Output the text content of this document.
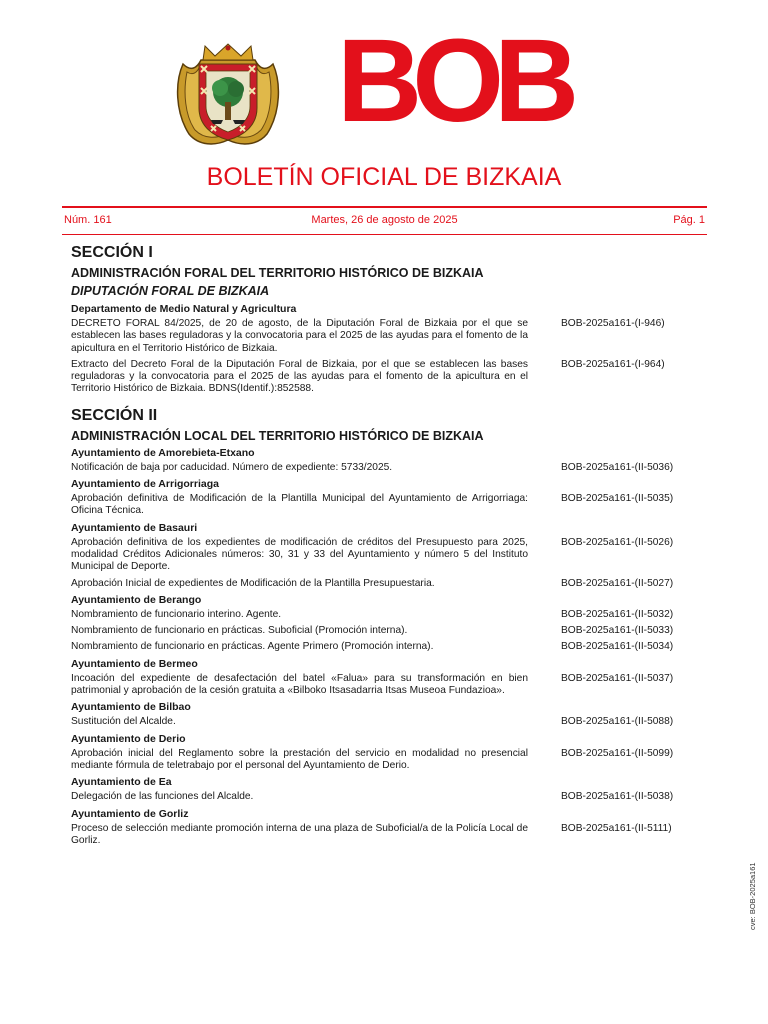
BOB
BOLETÍN OFICIAL DE BIZKAIA
Núm. 161	Martes, 26 de agosto de 2025	Pág. 1
SECCIÓN I
ADMINISTRACIÓN FORAL DEL TERRITORIO HISTÓRICO DE BIZKAIA
DIPUTACIÓN FORAL DE BIZKAIA
Departamento de Medio Natural y Agricultura
DECRETO FORAL 84/2025, de 20 de agosto, de la Diputación Foral de Bizkaia por el que se establecen las bases reguladoras y la convocatoria para el 2025 de las ayudas para el fomento de la apicultura en el Territorio Histórico de Bizkaia.
BOB-2025a161-(I-946)
Extracto del Decreto Foral de la Diputación Foral de Bizkaia, por el que se establecen las bases reguladoras y la convocatoria para el 2025 de las ayudas para el fomento de la apicultura en el Territorio Histórico de Bizkaia. BDNS(Identif.):852588.
BOB-2025a161-(I-964)
SECCIÓN II
ADMINISTRACIÓN LOCAL DEL TERRITORIO HISTÓRICO DE BIZKAIA
Ayuntamiento de Amorebieta-Etxano
Notificación de baja por caducidad. Número de expediente: 5733/2025.	BOB-2025a161-(II-5036)
Ayuntamiento de Arrigorriaga
Aprobación definitiva de Modificación de la Plantilla Municipal del Ayuntamiento de Arrigorriaga: Oficina Técnica.
BOB-2025a161-(II-5035)
Ayuntamiento de Basauri
Aprobación definitiva de los expedientes de modificación de créditos del Presupuesto para 2025, modalidad Créditos Adicionales números: 30, 31 y 33 del Ayuntamiento y número 5 del Instituto Municipal de Deporte.
BOB-2025a161-(II-5026)
Aprobación Inicial de expedientes de Modificación de la Plantilla Presupuestaria.	BOB-2025a161-(II-5027)
Ayuntamiento de Berango
Nombramiento de funcionario interino. Agente.	BOB-2025a161-(II-5032)
Nombramiento de funcionario en prácticas. Suboficial (Promoción interna).	BOB-2025a161-(II-5033)
Nombramiento de funcionario en prácticas. Agente Primero (Promoción interna).	BOB-2025a161-(II-5034)
Ayuntamiento de Bermeo
Incoación del expediente de desafectación del batel «Falua» para su transformación en bien patrimonial y aprobación de la cesión gratuita a «Bilboko Itsasadarria Itsas Museoa Fundazioa».
BOB-2025a161-(II-5037)
Ayuntamiento de Bilbao
Sustitución del Alcalde.	BOB-2025a161-(II-5088)
Ayuntamiento de Derio
Aprobación inicial del Reglamento sobre la prestación del servicio en modalidad no presencial mediante fórmula de teletrabajo por el personal del Ayuntamiento de Derio.
BOB-2025a161-(II-5099)
Ayuntamiento de Ea
Delegación de las funciones del Alcalde.	BOB-2025a161-(II-5038)
Ayuntamiento de Gorliz
Proceso de selección mediante promoción interna de una plaza de Suboficial/a de la Policía Local de Gorliz.
BOB-2025a161-(II-5111)
cve: BOB-2025a161
